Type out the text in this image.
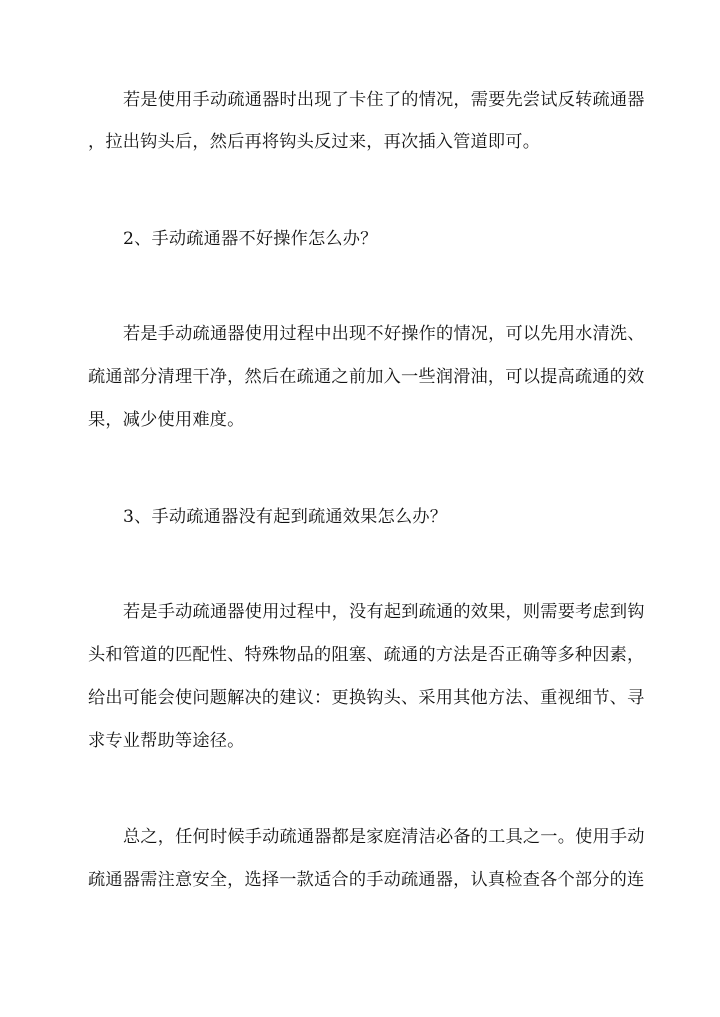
若是使用手动疏通器时出现了卡住了的情况，需要先尝试反转疏通器
，拉出钩头后，然后再将钩头反过来，再次插入管道即可。
2、手动疏通器不好操作怎么办？
若是手动疏通器使用过程中出现不好操作的情况，可以先用水清洗、
疏通部分清理干净，然后在疏通之前加入一些润滑油，可以提高疏通的效
果，减少使用难度。
3、手动疏通器没有起到疏通效果怎么办？
若是手动疏通器使用过程中，没有起到疏通的效果，则需要考虑到钩
头和管道的匹配性、特殊物品的阻塞、疏通的方法是否正确等多种因素，
给出可能会使问题解决的建议：更换钩头、采用其他方法、重视细节、寻
求专业帮助等途径。
总之，任何时候手动疏通器都是家庭清洁必备的工具之一。使用手动
疏通器需注意安全，选择一款适合的手动疏通器，认真检查各个部分的连
